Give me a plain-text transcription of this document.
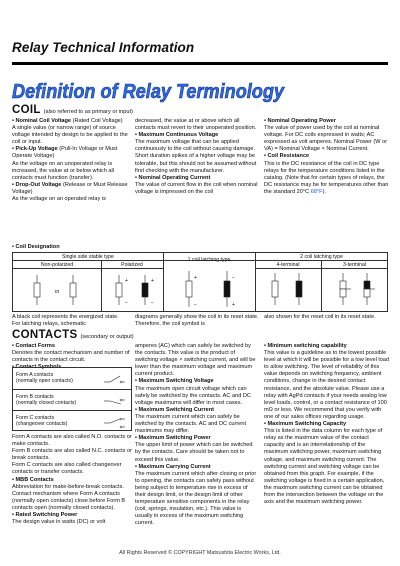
Relay Technical Information
Definition of Relay Terminology
COIL (also referred to as primary or input)

• Nominal Coil Voltage (Rated Coil Voltage)

A single value (or narrow range) of source voltage intended by design to be applied to the coil or input.

• Pick-Up Voltage (Pull-In Voltage or Must Operate Voltage)

As the voltage on an unoperated relay is increased, the value at or below which all contacts must function (transfer).

• Drop-Out Voltage (Release or Must Release Voltage)

As the voltage on an operated relay is

decreased, the value at or above which all contacts must revert to their unoperated position.

• Maximum Continuous Voltage

The maximum voltage that can be applied continuously to the coil without causing damage. Short duration spikes of a higher voltage may be tolerable, but this should not be assumed without first checking with the manufacturer.

• Nominal Operating Current

The value of current flow in the coil when nominal voltage is impressed on the coil

• Nominal Operating Power

The value of power used by the coil at nominal voltage. For DC coils expressed in watts; AC expressed as volt amperes. Nominal Power (W or VA) = Nominal Voltage × Nominal Current.

• Coil Resistance

This is the DC resistance of the coil in DC type relays for the temperature conditions listed in the catalog. (Note that for certain types of relays, the DC resistance may be for temperatures other than the standard 20°C 68°F).

• Coil Designation
Single side stable type
1 coil latching type
2 coil latching type
Non-polarized	Polarized	4-terminal	3-terminal
or
+
−
+
−
+
−
−
+
A black coil represents the energized state. For latching relays, schematic
diagrams generally show the coil in its reset state. Therefore, the coil symbol is
also shown for the reset coil in its reset state.
CONTACTS (secondary or output)

• Contact Forms

Denotes the contact mechanism and number of contacts in the contact circuit.

• Contact Symbols

Form A contacts
(normally open contacts)
Form B contacts
(normally closed contacts)
Form C contacts
(changeover contacts)

Form A contacts are also called N.O. contacts or make contacts.

Form B contacts are also called N.C. contacts or break contacts.

Form C contacts are also called changeover contacts or transfer contacts.

• MBB Contacts

Abbreviation for make-before-break contacts. Contact mechanism where Form A contacts (normally open contacts) close before Form B contacts open (normally closed contacts).

• Rated Switching Power

The design value in watts (DC) or volt

amperes (AC) which can safely be switched by the contacts. This value is the product of switching voltage × switching current, and will be lower than the maximum voltage and maximum current product.

• Maximum Switching Voltage

The maximum open circuit voltage which can safely be switched by the contacts. AC and DC voltage maximums will differ in most cases.

• Maximum Switching Current

The maximum current which can safely be switched by the contacts. AC and DC current maximums may differ.

• Maximum Switching Power

The upper limit of power which can be switched by the contacts. Care should be taken not to exceed this value.

• Maximum Carrying Current

The maximum current which after closing or prior to opening, the contacts can safely pass without being subject to temperature rise in excess of their design limit, or the design limit of other temperature sensitive components in the relay (coil, springs, insulation, etc.). This value is usually in excess of the maximum switching current.

• Minimum switching capability

This value is a guideline as to the lowest possible level at which it will be possible for a low level load to allow switching. The level of reliability of this value depends on switching frequency, ambient conditions, change in the desired contact resistance, and the absolute value. Please use a relay with AgPd contacts if your needs analog low level loads, control, or a contact resistance of 100 mΩ or less. We recommend that you verify with one of our sales offices regarding usage.

• Maximum Switching Capacity

This is listed in the data column for each type of relay as the maximum value of the contact capacity and is an interrelationship of the maximum switching power, maximum switching voltage, and maximum switching current. The switching current and switching voltage can be obtained from this graph. For example, if the switching voltage is fixed in a certain application, the maximum switching current can be obtained from the intersection between the voltage on the axis and the maximum switching power.

All Rights Reserved © COPYRIGHT Matsushita Electric Works, Ltd.
